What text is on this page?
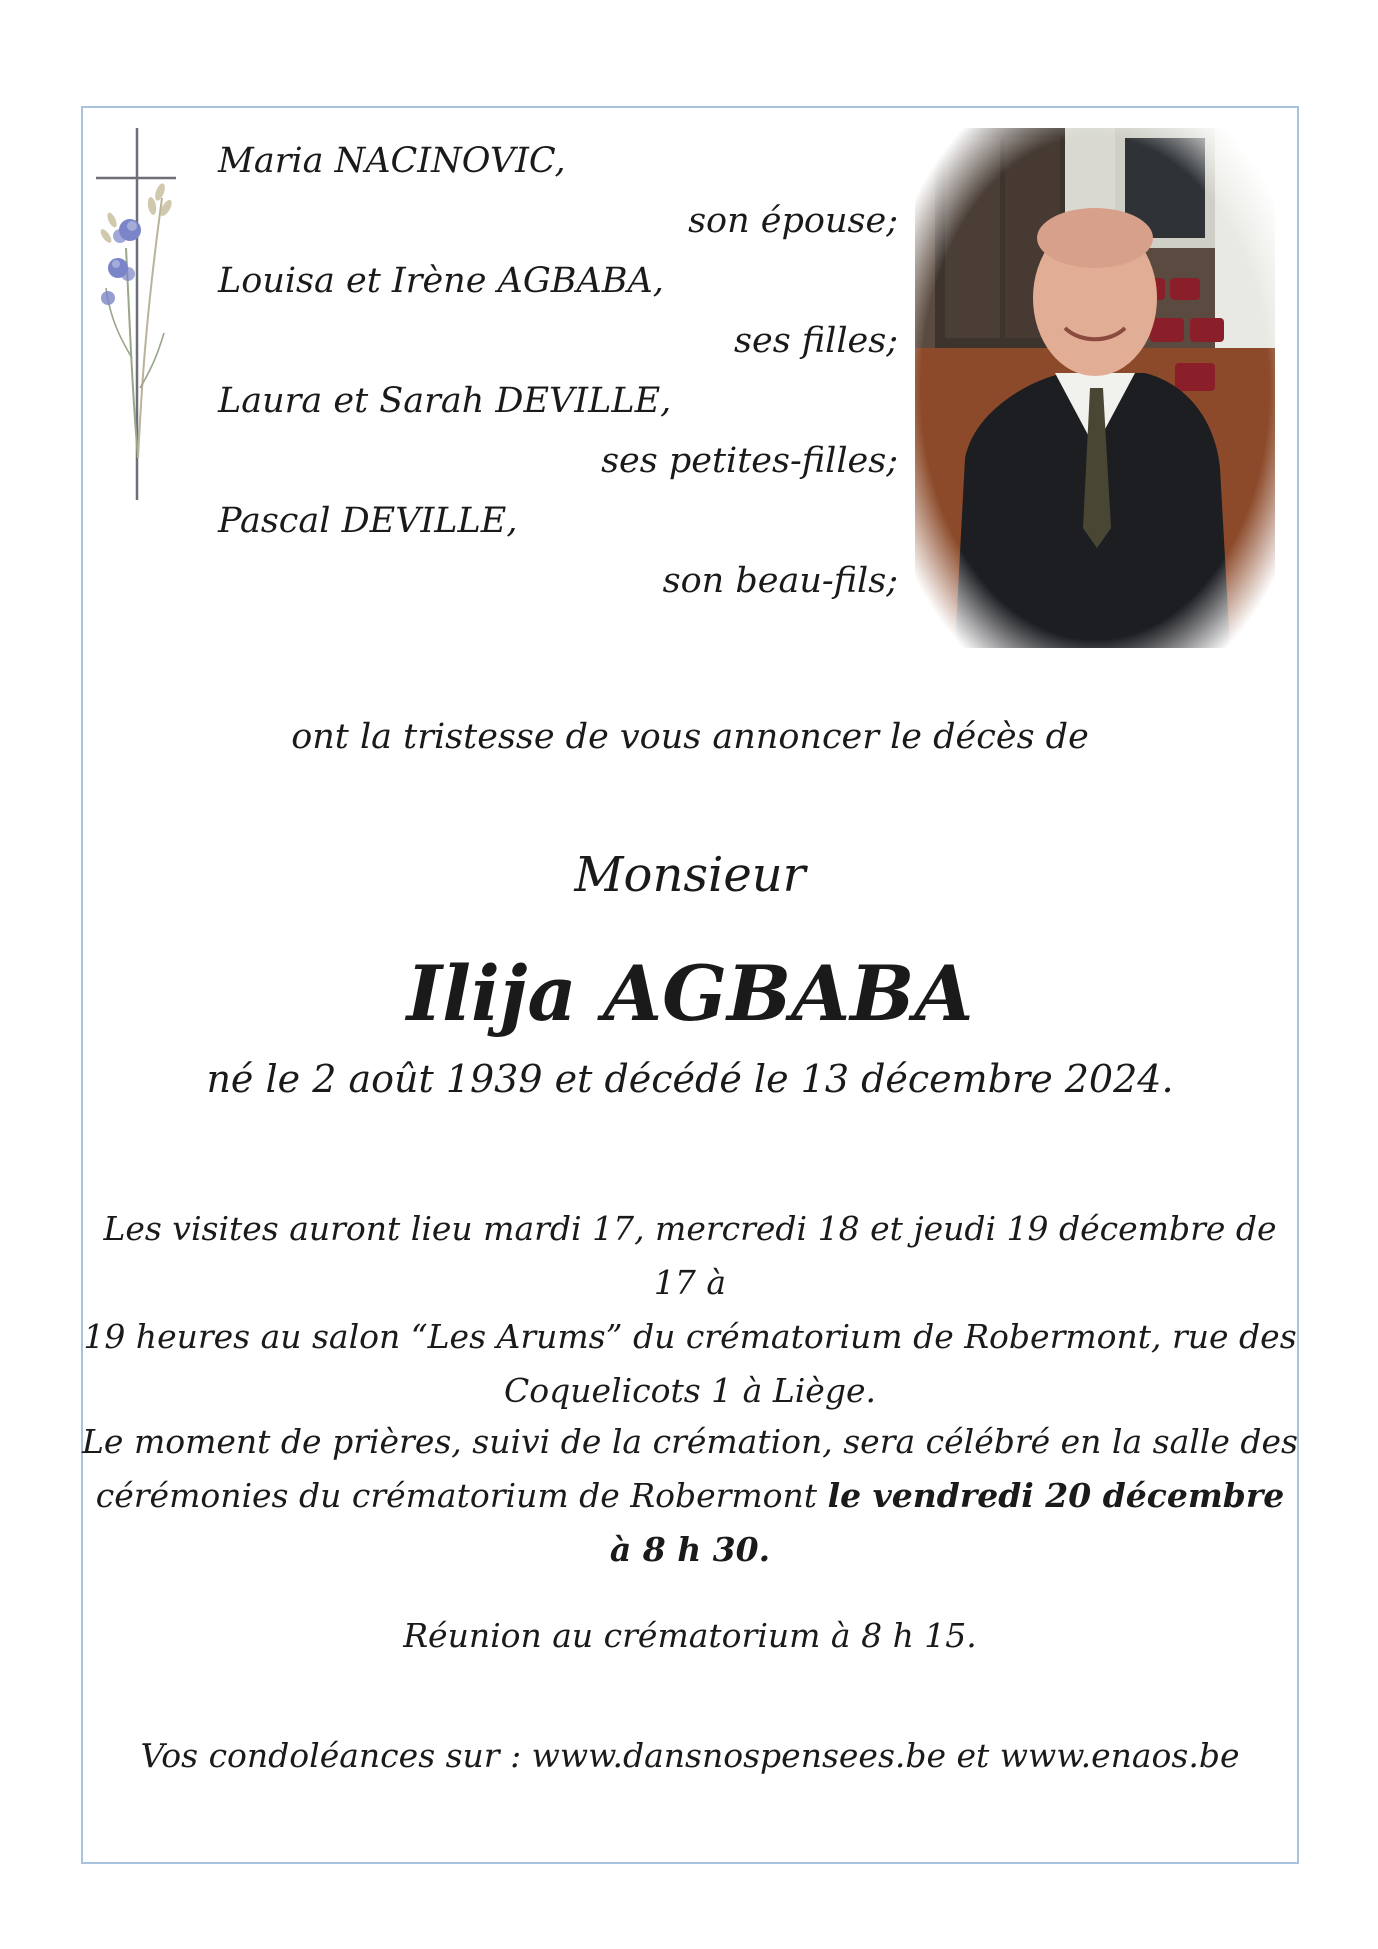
Maria NACINOVIC,
son épouse;
Louisa et Irène AGBABA,
ses filles;
Laura et Sarah DEVILLE,
ses petites-filles;
Pascal DEVILLE,
son beau-fils;
ont la tristesse de vous annoncer le décès de
Monsieur
Ilija AGBABA
né le 2 août 1939 et décédé le 13 décembre 2024.
Les visites auront lieu mardi 17, mercredi 18 et jeudi 19 décembre de 17 à
19 heures au salon “Les Arums” du crématorium de Robermont, rue des
Coquelicots 1 à Liège.
Le moment de prières, suivi de la crémation, sera célébré en la salle des
cérémonies du crématorium de Robermont le vendredi 20 décembre à 8 h 30.
Réunion au crématorium à 8 h 15.
Vos condoléances sur : www.dansnospensees.be et www.enaos.be
